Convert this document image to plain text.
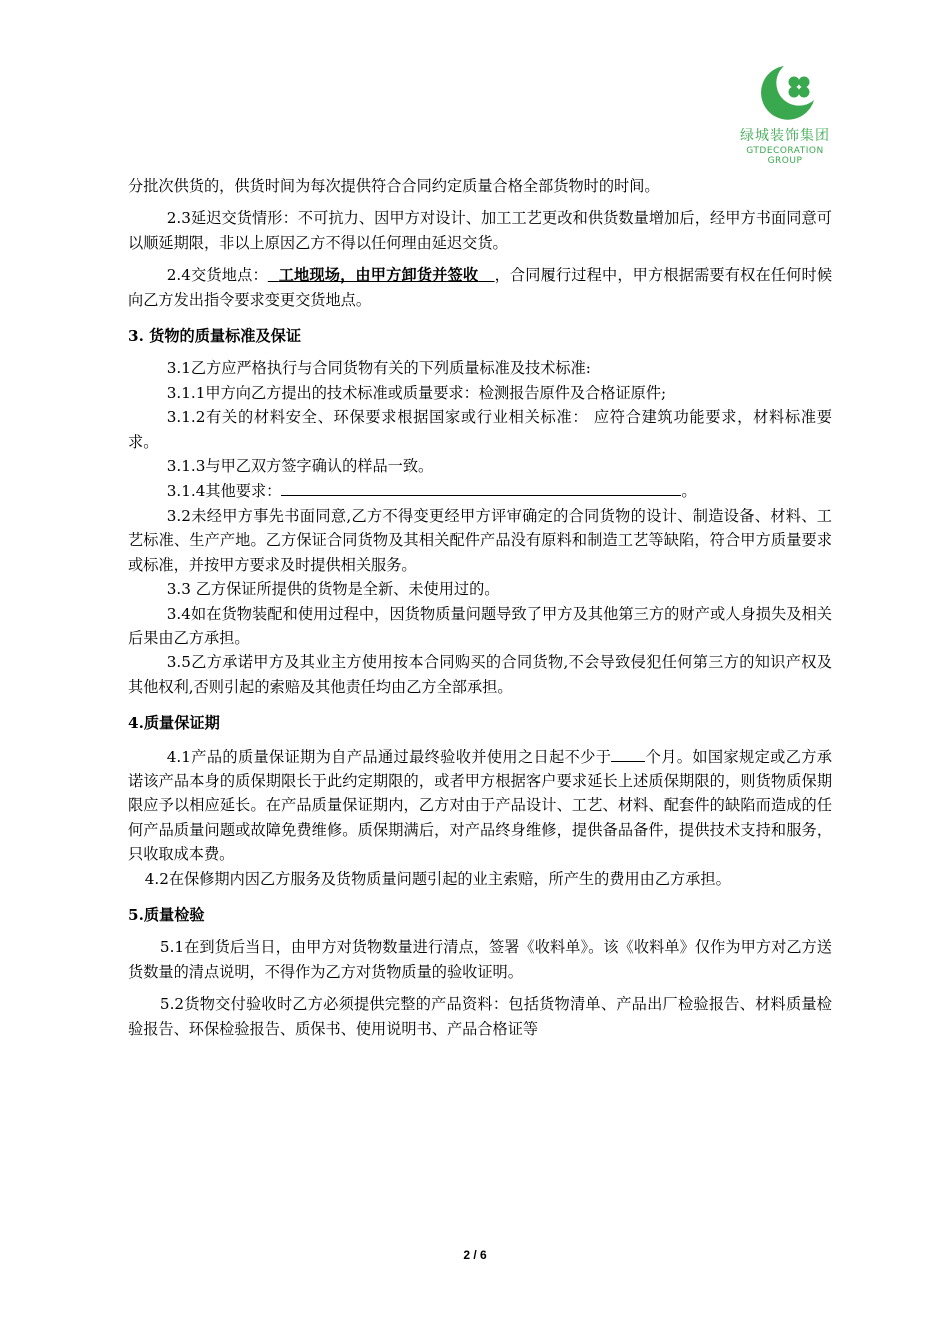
绿城装饰集团
GTDECORATION GROUP

分批次供货的，供货时间为每次提供符合合同约定质量合格全部货物时的时间。

2.3延迟交货情形：不可抗力、因甲方对设计、加工工艺更改和供货数量增加后，经甲方书面同意可以顺延期限，非以上原因乙方不得以任何理由延迟交货。

2.4交货地点： 工地现场，由甲方卸货并签收 ，合同履行过程中，甲方根据需要有权在任何时候向乙方发出指令要求变更交货地点。

3. 货物的质量标准及保证

3.1乙方应严格执行与合同货物有关的下列质量标准及技术标准:

3.1.1甲方向乙方提出的技术标准或质量要求：检测报告原件及合格证原件;

3.1.2有关的材料安全、环保要求根据国家或行业相关标准： 应符合建筑功能要求，材料标准要求。

3.1.3与甲乙双方签字确认的样品一致。

3.1.4其他要求：	。

3.2未经甲方事先书面同意,乙方不得变更经甲方评审确定的合同货物的设计、制造设备、材料、工艺标准、生产产地。乙方保证合同货物及其相关配件产品没有原料和制造工艺等缺陷，符合甲方质量要求或标准，并按甲方要求及时提供相关服务。

3.3 乙方保证所提供的货物是全新、未使用过的。

3.4如在货物装配和使用过程中，因货物质量问题导致了甲方及其他第三方的财产或人身损失及相关后果由乙方承担。

3.5乙方承诺甲方及其业主方使用按本合同购买的合同货物,不会导致侵犯任何第三方的知识产权及其他权利,否则引起的索赔及其他责任均由乙方全部承担。

4.质量保证期

4.1产品的质量保证期为自产品通过最终验收并使用之日起不少于 个月。如国家规定或乙方承诺该产品本身的质保期限长于此约定期限的，或者甲方根据客户要求延长上述质保期限的，则货物质保期限应予以相应延长。在产品质量保证期内，乙方对由于产品设计、工艺、材料、配套件的缺陷而造成的任何产品质量问题或故障免费维修。质保期满后，对产品终身维修，提供备品备件，提供技术支持和服务，只收取成本费。

4.2在保修期内因乙方服务及货物质量问题引起的业主索赔，所产生的费用由乙方承担。

5.质量检验

5.1在到货后当日，由甲方对货物数量进行清点，签署《收料单》。该《收料单》仅作为甲方对乙方送货数量的清点说明，不得作为乙方对货物质量的验收证明。

5.2货物交付验收时乙方必须提供完整的产品资料：包括货物清单、产品出厂检验报告、材料质量检验报告、环保检验报告、质保书、使用说明书、产品合格证等

2 / 6
